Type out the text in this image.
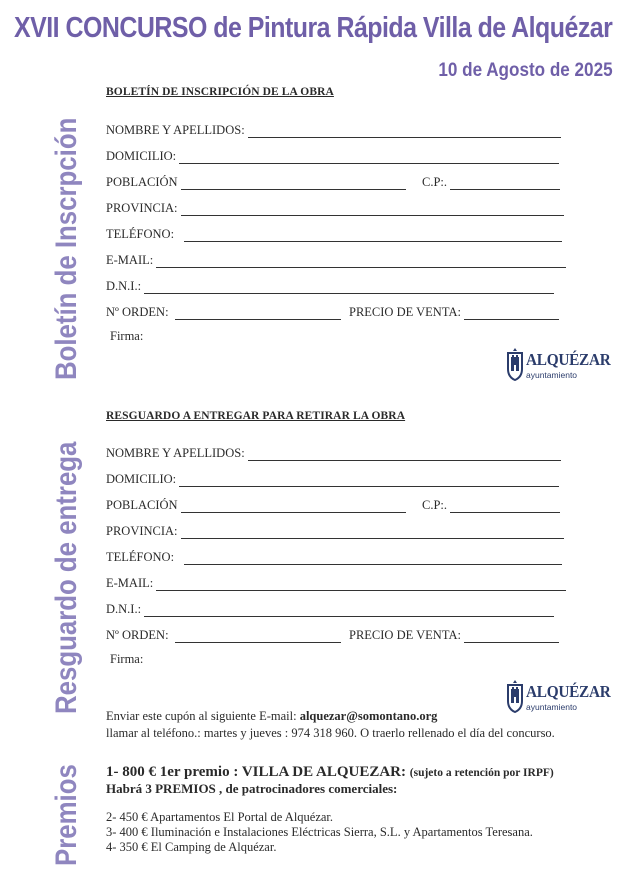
XVII CONCURSO de Pintura Rápida Villa de Alquézar
10 de Agosto de 2025
Boletín de Inscrpción
Resguardo de entrega
Premios
BOLETÍN DE INSCRIPCIÓN DE LA OBRA
NOMBRE Y APELLIDOS:
DOMICILIO:
POBLACIÓN	C.P:.
PROVINCIA:
TELÉFONO:
E-MAIL:
D.N.I.:
Nº ORDEN:	PRECIO DE VENTA:
Firma:
ALQUÉZAR
ayuntamiento
RESGUARDO A ENTREGAR PARA RETIRAR LA OBRA
NOMBRE Y APELLIDOS:
DOMICILIO:
POBLACIÓN	C.P:.
PROVINCIA:
TELÉFONO:
E-MAIL:
D.N.I.:
Nº ORDEN:	PRECIO DE VENTA:
Firma:
ALQUÉZAR
ayuntamiento
Enviar este cupón al siguiente E-mail: alquezar@somontano.org
llamar al teléfono.: martes y jueves : 974 318 960. O traerlo rellenado el día del concurso.
1- 800 € 1er premio : VILLA DE ALQUEZAR: (sujeto a retención por IRPF)
Habrá 3 PREMIOS , de patrocinadores comerciales:
2- 450 € Apartamentos El Portal de Alquézar.
3- 400 € Iluminación e Instalaciones Eléctricas Sierra, S.L. y Apartamentos Teresana.
4- 350 € El Camping de Alquézar.
